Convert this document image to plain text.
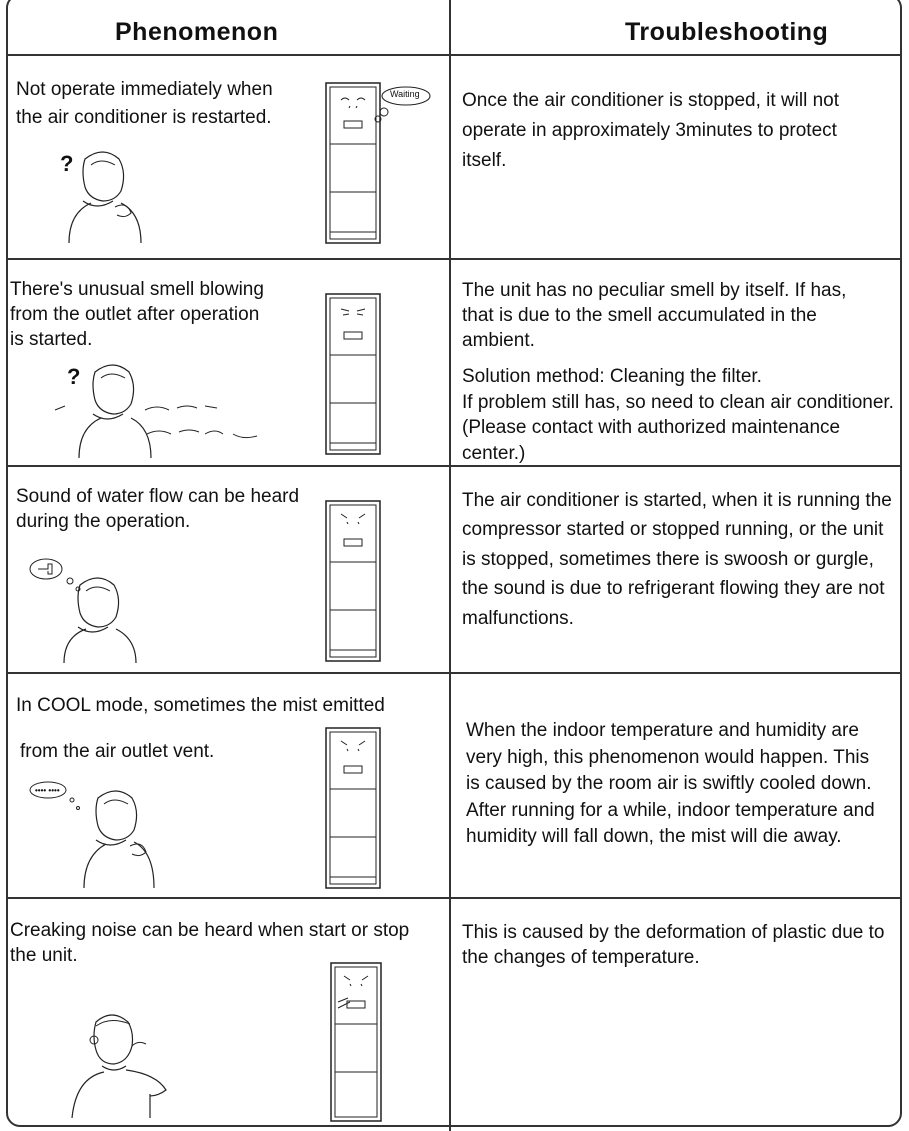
Phenomenon	Troubleshooting
Not operate immediately when
the air conditioner is restarted.
Once the air conditioner is stopped, it will not
operate in approximately 3minutes to protect
itself.
Waiting
?
There's unusual smell blowing
from the outlet after operation
is started.
The unit has no peculiar smell by itself. If has,
that is due to the smell accumulated in the
ambient.
Solution method: Cleaning the filter.
If problem still has, so need to clean air conditioner.
(Please contact with authorized maintenance
center.)
?
Sound of water flow can be heard
during the operation.
The air conditioner is started, when it is running the
compressor started or stopped running, or the unit
is stopped, sometimes there is swoosh or gurgle,
the sound is due to refrigerant flowing they are not
malfunctions.
In COOL mode, sometimes the mist emitted
from the air outlet vent.
When the indoor temperature and humidity are
very high, this phenomenon would happen. This
is caused by the room air is swiftly cooled down.
After running for a while, indoor temperature and
humidity will fall down, the mist will die away.
•••• ••••
Creaking noise can be heard when start or stop
the unit.
This is caused by the deformation of plastic due to
the changes of temperature.
